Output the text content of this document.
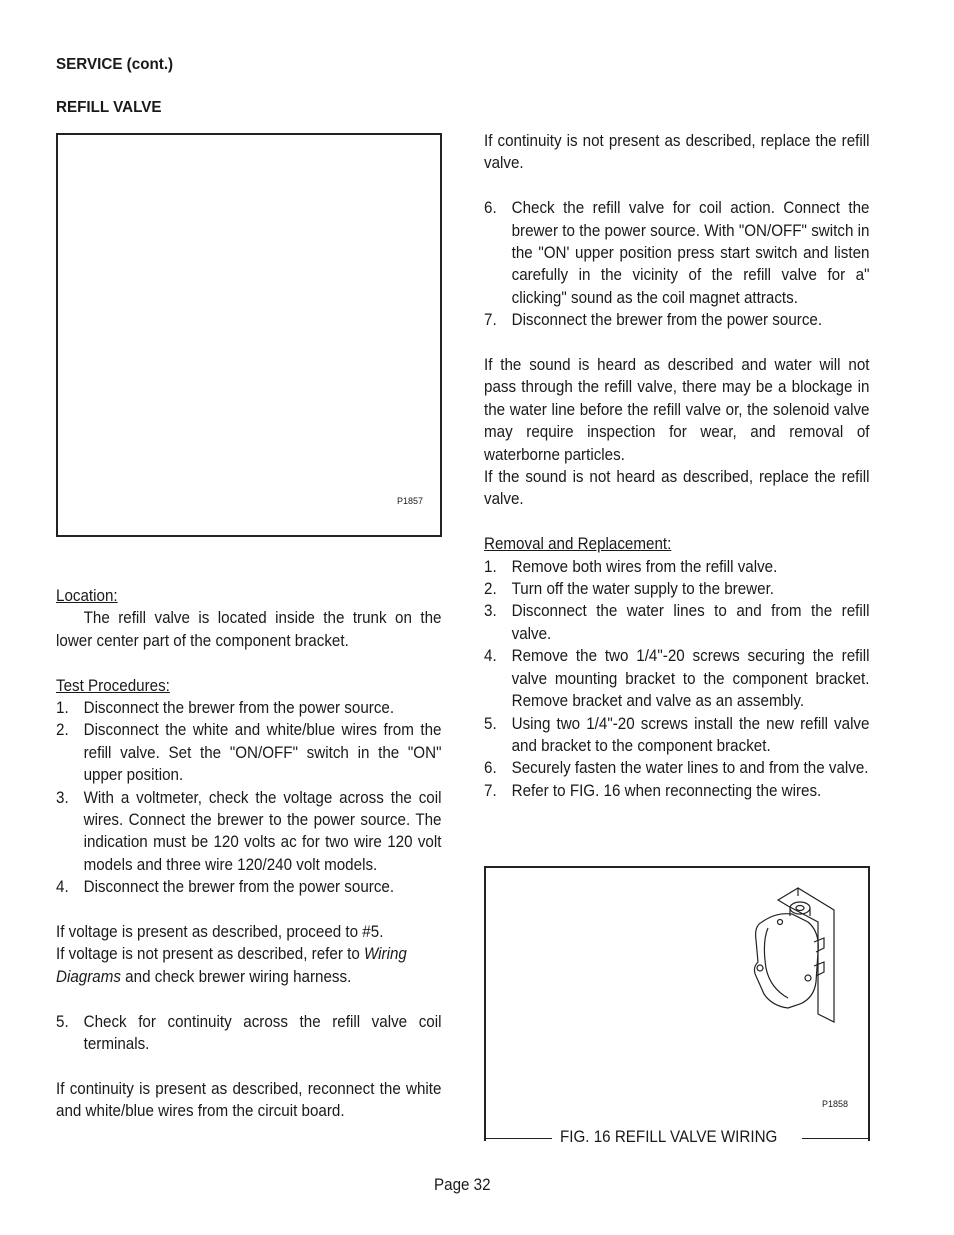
SERVICE (cont.)
REFILL VALVE
P1857

Location:

The refill valve is located inside the trunk on the lower center part of the component bracket.

Test Procedures:

1. Disconnect the brewer from the power source.
2. Disconnect the white and white/blue wires from the refill valve. Set the "ON/OFF" switch in the "ON" upper position.
3. With a voltmeter, check the voltage across the coil wires. Connect the brewer to the power source. The indication must be 120 volts ac for two wire 120 volt models and three wire 120/240 volt models.
4. Disconnect the brewer from the power source.

If voltage is present as described, proceed to #5.

If voltage is not present as described, refer to Wiring Diagrams and check brewer wiring harness.

5. Check for continuity across the refill valve coil terminals.

If continuity is present as described, reconnect the white and white/blue wires from the circuit board.

If continuity is not present as described, replace the refill valve.

6. Check the refill valve for coil action. Connect the brewer to the power source. With "ON/OFF" switch in the "ON' upper position press start switch and listen carefully in the vicinity of the refill valve for a" clicking" sound as the coil magnet attracts.
7. Disconnect the brewer from the power source.

If the sound is heard as described and water will not pass through the refill valve, there may be a blockage in the water line before the refill valve or, the solenoid valve may require inspection for wear, and removal of waterborne particles.

If the sound is not heard as described, replace the refill valve.

Removal and Replacement:

1. Remove both wires from the refill valve.
2. Turn off the water supply to the brewer.
3. Disconnect the water lines to and from the refill valve.
4. Remove the two 1/4"-20 screws securing the refill valve mounting bracket to the component bracket. Remove bracket and valve as an assembly.
5. Using two 1/4"-20 screws install the new refill valve and bracket to the component bracket.
6. Securely fasten the water lines to and from the valve.
7. Refer to FIG. 16 when reconnecting the wires.
P1858
FIG. 16 REFILL VALVE WIRING
Page 32
